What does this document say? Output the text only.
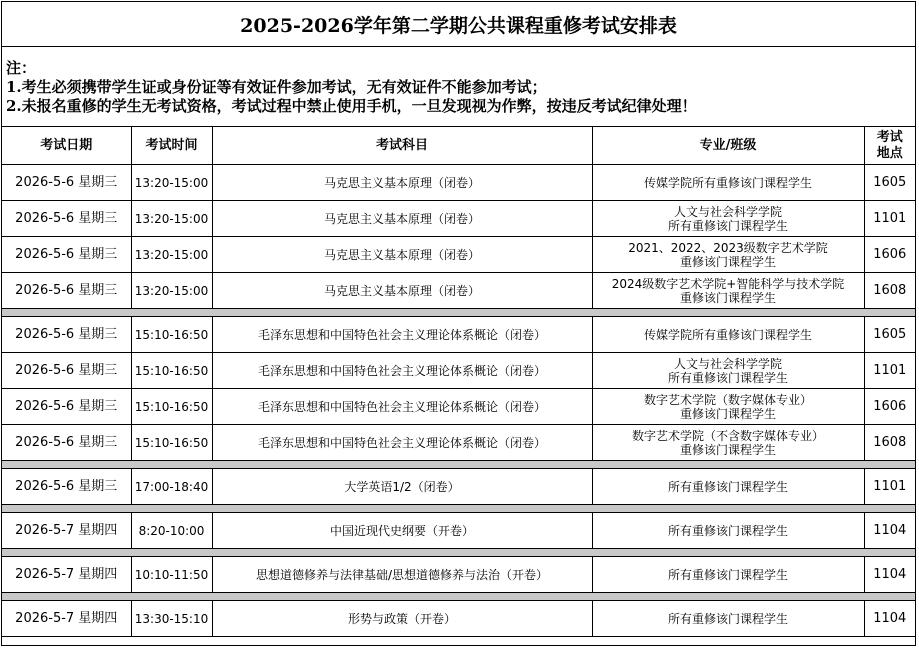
2025-2026学年第二学期公共课程重修考试安排表
注：
1.考生必须携带学生证或身份证等有效证件参加考试，无有效证件不能参加考试；
2.未报名重修的学生无考试资格，考试过程中禁止使用手机，一旦发现视为作弊，按违反考试纪律处理！
考试日期	考试时间	考试科目	专业/班级	考试
地点

2026-5-6 星期三	13:20-15:00	马克思主义基本原理（闭卷）	传媒学院所有重修该门课程学生	1605
2026-5-6 星期三	13:20-15:00	马克思主义基本原理（闭卷）	人文与社会科学学院
所有重修该门课程学生	1101
2026-5-6 星期三	13:20-15:00	马克思主义基本原理（闭卷）	2021、2022、2023级数字艺术学院
重修该门课程学生	1606
2026-5-6 星期三	13:20-15:00	马克思主义基本原理（闭卷）	2024级数字艺术学院+智能科学与技术学院
重修该门课程学生	1608

2026-5-6 星期三	15:10-16:50	毛泽东思想和中国特色社会主义理论体系概论（闭卷）	传媒学院所有重修该门课程学生	1605
2026-5-6 星期三	15:10-16:50	毛泽东思想和中国特色社会主义理论体系概论（闭卷）	人文与社会科学学院
所有重修该门课程学生	1101
2026-5-6 星期三	15:10-16:50	毛泽东思想和中国特色社会主义理论体系概论（闭卷）	数字艺术学院（数字媒体专业）
重修该门课程学生	1606
2026-5-6 星期三	15:10-16:50	毛泽东思想和中国特色社会主义理论体系概论（闭卷）	数字艺术学院（不含数字媒体专业）
重修该门课程学生	1608

2026-5-6 星期三	17:00-18:40	大学英语1/2（闭卷）	所有重修该门课程学生	1101

2026-5-7 星期四	8:20-10:00	中国近现代史纲要（开卷）	所有重修该门课程学生	1104

2026-5-7 星期四	10:10-11:50	思想道德修养与法律基础/思想道德修养与法治（开卷）	所有重修该门课程学生	1104

2026-5-7 星期四	13:30-15:10	形势与政策（开卷）	所有重修该门课程学生	1104
